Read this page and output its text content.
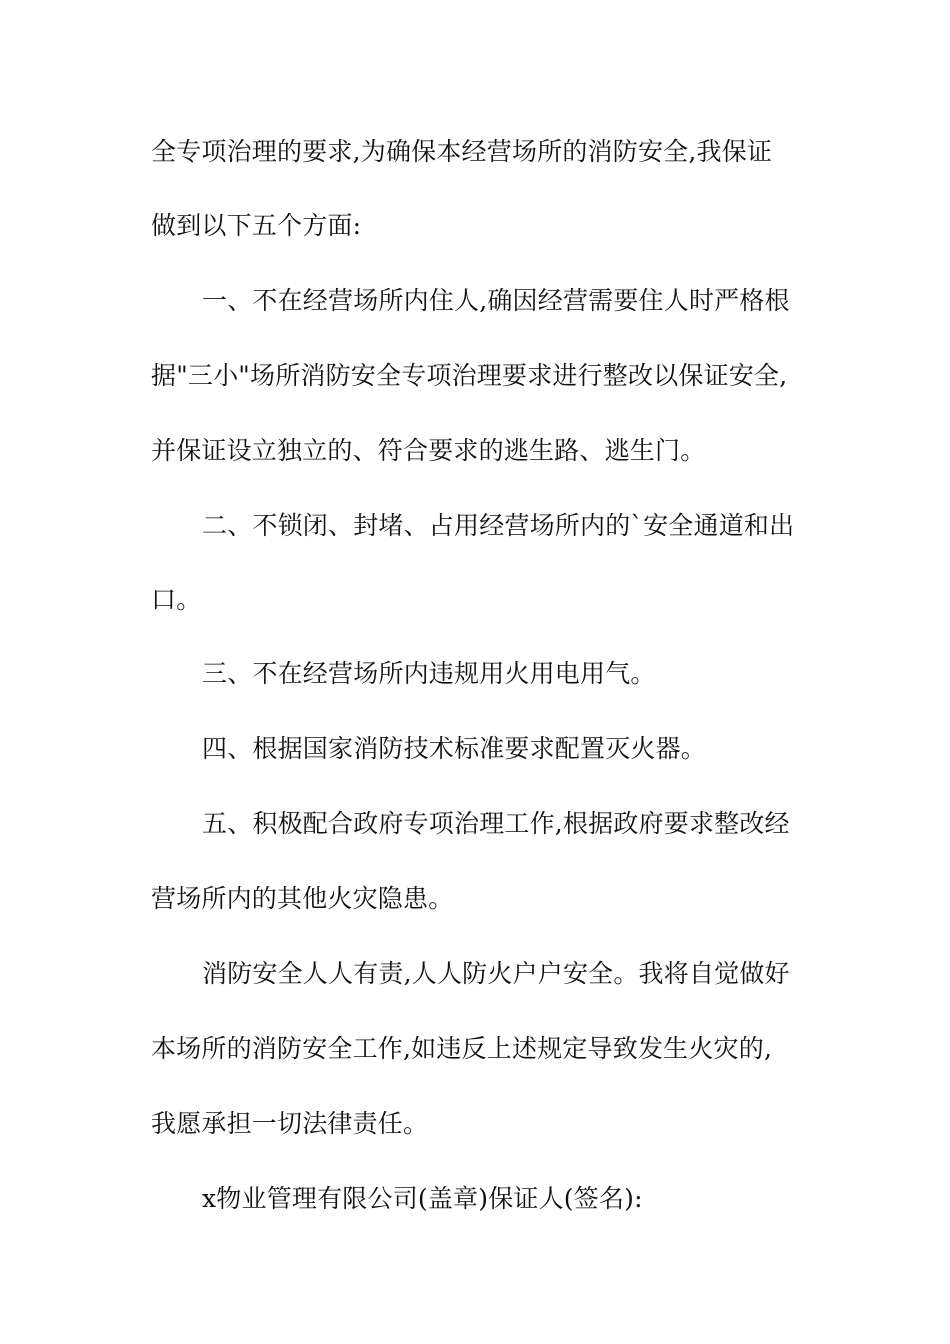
全专项治理的要求,为确保本经营场所的消防安全,我保证
做到以下五个方面:
一、不在经营场所内住人,确因经营需要住人时严格根
据"三小"场所消防安全专项治理要求进行整改以保证安全,
并保证设立独立的、符合要求的逃生路、逃生门。
二、不锁闭、封堵、占用经营场所内的`安全通道和出
口。
三、不在经营场所内违规用火用电用气。
四、根据国家消防技术标准要求配置灭火器。
五、积极配合政府专项治理工作,根据政府要求整改经
营场所内的其他火灾隐患。
消防安全人人有责,人人防火户户安全。我将自觉做好
本场所的消防安全工作,如违反上述规定导致发生火灾的,
我愿承担一切法律责任。
x物业管理有限公司(盖章)保证人(签名):
